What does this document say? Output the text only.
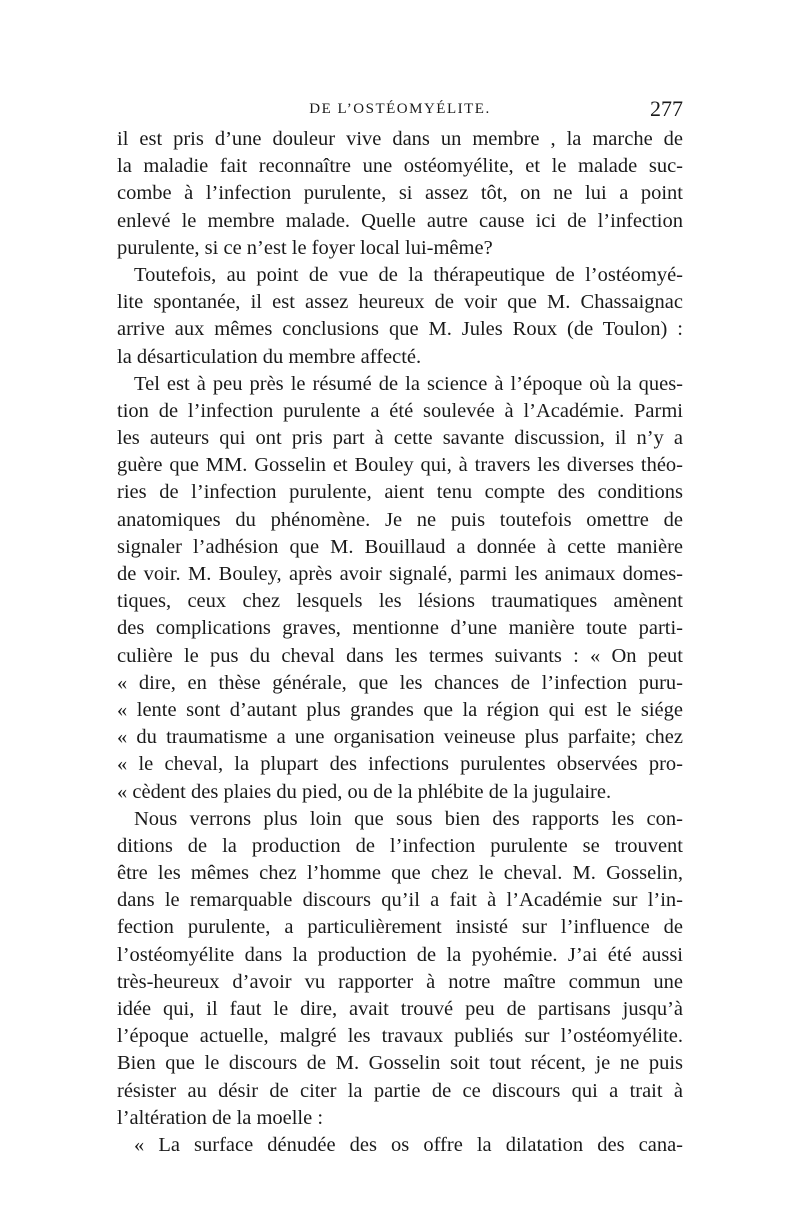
DE L’OSTÉOMYÉLITE.	277
il est pris d’une douleur vive dans un membre , la marche de
la maladie fait reconnaître une ostéomyélite, et le malade suc-
combe à l’infection purulente, si assez tôt, on ne lui a point
enlevé le membre malade. Quelle autre cause ici de l’infection
purulente, si ce n’est le foyer local lui-même?
Toutefois, au point de vue de la thérapeutique de l’ostéomyé-
lite spontanée, il est assez heureux de voir que M. Chassaignac
arrive aux mêmes conclusions que M. Jules Roux (de Toulon) :
la désarticulation du membre affecté.
Tel est à peu près le résumé de la science à l’époque où la ques-
tion de l’infection purulente a été soulevée à l’Académie. Parmi
les auteurs qui ont pris part à cette savante discussion, il n’y a
guère que MM. Gosselin et Bouley qui, à travers les diverses théo-
ries de l’infection purulente, aient tenu compte des conditions
anatomiques du phénomène. Je ne puis toutefois omettre de
signaler l’adhésion que M. Bouillaud a donnée à cette manière
de voir. M. Bouley, après avoir signalé, parmi les animaux domes-
tiques, ceux chez lesquels les lésions traumatiques amènent
des complications graves, mentionne d’une manière toute parti-
culière le pus du cheval dans les termes suivants : « On peut
« dire, en thèse générale, que les chances de l’infection puru-
« lente sont d’autant plus grandes que la région qui est le siége
« du traumatisme a une organisation veineuse plus parfaite; chez
« le cheval, la plupart des infections purulentes observées pro-
« cèdent des plaies du pied, ou de la phlébite de la jugulaire.
Nous verrons plus loin que sous bien des rapports les con-
ditions de la production de l’infection purulente se trouvent
être les mêmes chez l’homme que chez le cheval. M. Gosselin,
dans le remarquable discours qu’il a fait à l’Académie sur l’in-
fection purulente, a particulièrement insisté sur l’influence de
l’ostéomyélite dans la production de la pyohémie. J’ai été aussi
très-heureux d’avoir vu rapporter à notre maître commun une
idée qui, il faut le dire, avait trouvé peu de partisans jusqu’à
l’époque actuelle, malgré les travaux publiés sur l’ostéomyélite.
Bien que le discours de M. Gosselin soit tout récent, je ne puis
résister au désir de citer la partie de ce discours qui a trait à
l’altération de la moelle :
« La surface dénudée des os offre la dilatation des cana-
